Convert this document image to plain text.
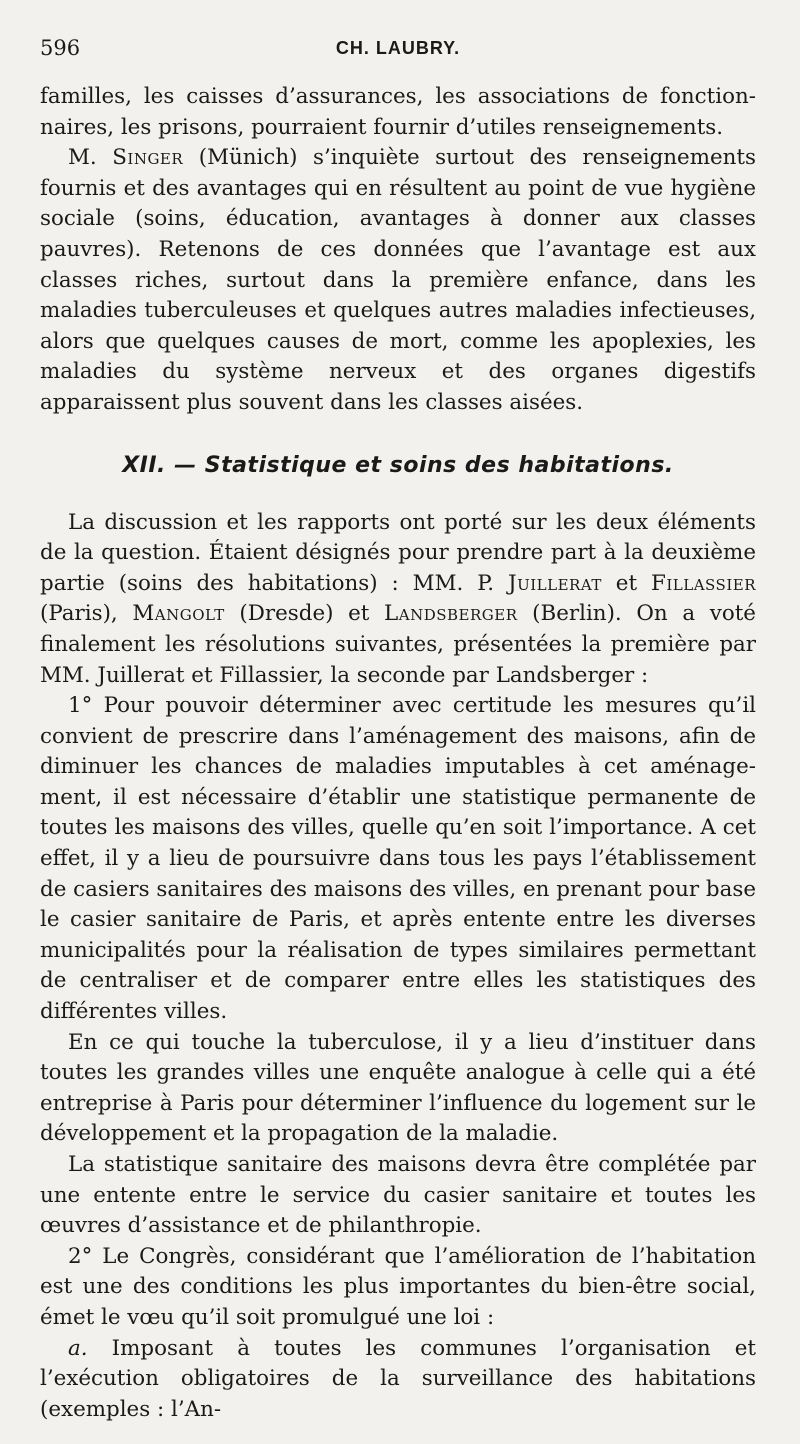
596	CH. LAUBRY.

familles, les caisses d’assurances, les associations de fonctionnaires, les prisons, pourraient fournir d’utiles renseignements.

M. Singer (Münich) s’inquiète surtout des renseignements fournis et des avantages qui en résultent au point de vue hygiène sociale (soins, éducation, avantages à donner aux classes pauvres). Retenons de ces données que l’avantage est aux classes riches, surtout dans la première enfance, dans les maladies tuberculeuses et quelques autres maladies infectieuses, alors que quelques causes de mort, comme les apoplexies, les maladies du système nerveux et des organes digestifs apparaissent plus souvent dans les classes aisées.

XII. — Statistique et soins des habitations.

La discussion et les rapports ont porté sur les deux éléments de la question. Étaient désignés pour prendre part à la deuxième partie (soins des habitations) : MM. P. Juillerat et Fillassier (Paris), Mangolt (Dresde) et Landsberger (Berlin). On a voté finalement les résolutions suivantes, présentées la première par MM. Juillerat et Fillassier, la seconde par Landsberger :

1° Pour pouvoir déterminer avec certitude les mesures qu’il convient de prescrire dans l’aménagement des maisons, afin de diminuer les chances de maladies imputables à cet aménagement, il est nécessaire d’établir une statistique permanente de toutes les maisons des villes, quelle qu’en soit l’importance. A cet effet, il y a lieu de poursuivre dans tous les pays l’établissement de casiers sanitaires des maisons des villes, en prenant pour base le casier sanitaire de Paris, et après entente entre les diverses municipalités pour la réalisation de types similaires permettant de centraliser et de comparer entre elles les statistiques des différentes villes.

En ce qui touche la tuberculose, il y a lieu d’instituer dans toutes les grandes villes une enquête analogue à celle qui a été entreprise à Paris pour déterminer l’influence du logement sur le développement et la propagation de la maladie.

La statistique sanitaire des maisons devra être complétée par une entente entre le service du casier sanitaire et toutes les œuvres d’assistance et de philanthropie.

2° Le Congrès, considérant que l’amélioration de l’habitation est une des conditions les plus importantes du bien-être social, émet le vœu qu’il soit promulgué une loi :

a. Imposant à toutes les communes l’organisation et l’exécution obligatoires de la surveillance des habitations (exemples : l’An-
